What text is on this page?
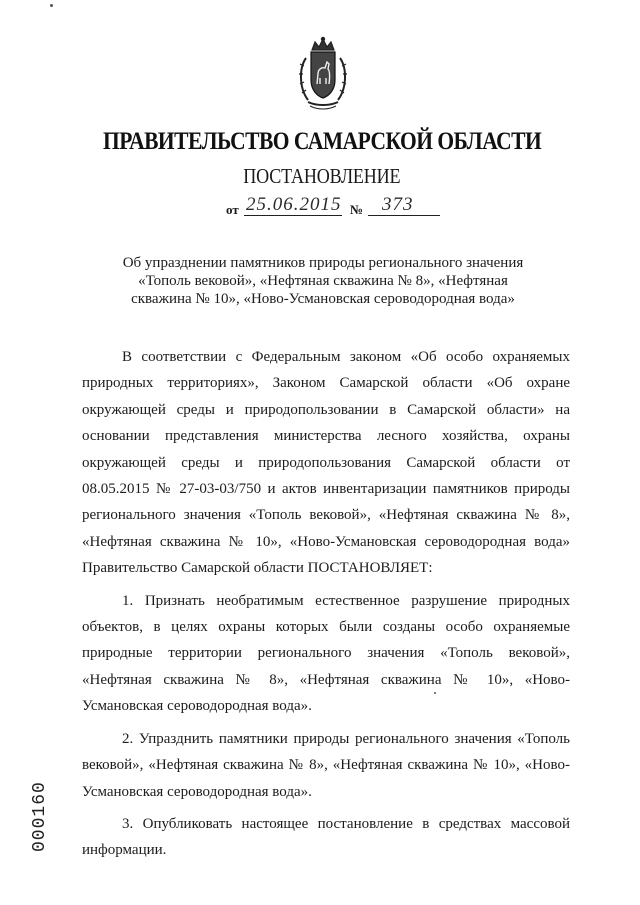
ПРАВИТЕЛЬСТВО САМАРСКОЙ ОБЛАСТИ
ПОСТАНОВЛЕНИЕ
от 25.06.2015 № 373
Об упразднении памятников природы регионального значения «Тополь вековой», «Нефтяная скважина № 8», «Нефтяная скважина № 10», «Ново-Усмановская сероводородная вода»

В соответствии с Федеральным законом «Об особо охраняемых природных территориях», Законом Самарской области «Об охране окружающей среды и природопользовании в Самарской области» на основании представления министерства лесного хозяйства, охраны окружающей среды и природопользования Самарской области от 08.05.2015 № 27-03-03/750 и актов инвентаризации памятников природы регионального значения «Тополь вековой», «Нефтяная скважина № 8», «Нефтяная скважина № 10», «Ново-Усмановская сероводородная вода» Правительство Самарской области ПОСТАНОВЛЯЕТ:

1. Признать необратимым естественное разрушение природных объектов, в целях охраны которых были созданы особо охраняемые природные территории регионального значения «Тополь вековой», «Нефтяная скважина № 8», «Нефтяная скважина № 10», «Ново-Усмановская сероводородная вода».

2. Упразднить памятники природы регионального значения «Тополь вековой», «Нефтяная скважина № 8», «Нефтяная скважина № 10», «Ново-Усмановская сероводородная вода».

3. Опубликовать настоящее постановление в средствах массовой информации.

000160
